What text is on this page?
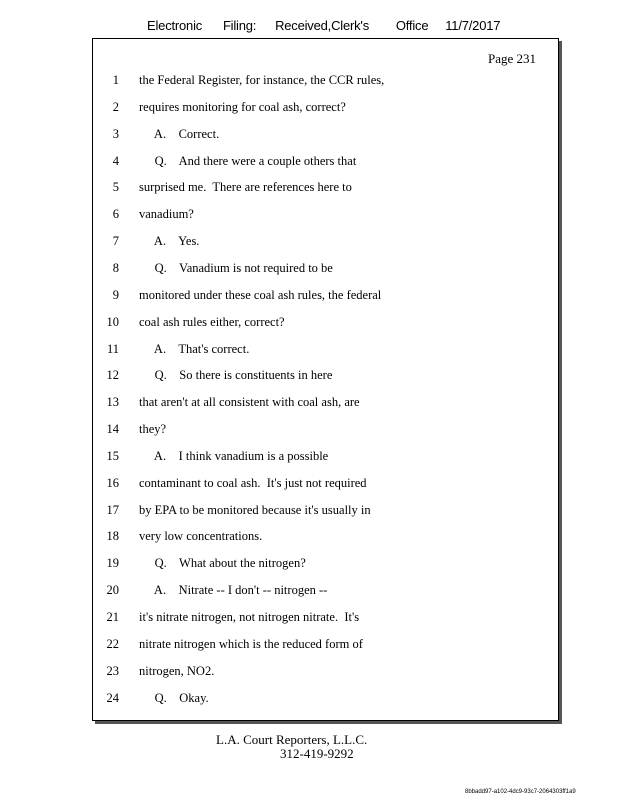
Electronic Filing: Received,Clerk's Office 11/7/2017
Page 231
1 the Federal Register, for instance, the CCR rules,
2 requires monitoring for coal ash, correct?
3 A.    Correct.
4 Q.    And there were a couple others that
5 surprised me.  There are references here to
6 vanadium?
7 A.    Yes.
8 Q.    Vanadium is not required to be
9 monitored under these coal ash rules, the federal
10 coal ash rules either, correct?
11 A.    That's correct.
12 Q.    So there is constituents in here
13 that aren't at all consistent with coal ash, are
14 they?
15 A.    I think vanadium is a possible
16 contaminant to coal ash.  It's just not required
17 by EPA to be monitored because it's usually in
18 very low concentrations.
19 Q.    What about the nitrogen?
20 A.    Nitrate -- I don't -- nitrogen --
21 it's nitrate nitrogen, not nitrogen nitrate.  It's
22 nitrate nitrogen which is the reduced form of
23 nitrogen, NO2.
24 Q.    Okay.
L.A. Court Reporters, L.L.C.
312-419-9292
8bbadd97-a102-4dc9-93c7-2064303ff1a9
